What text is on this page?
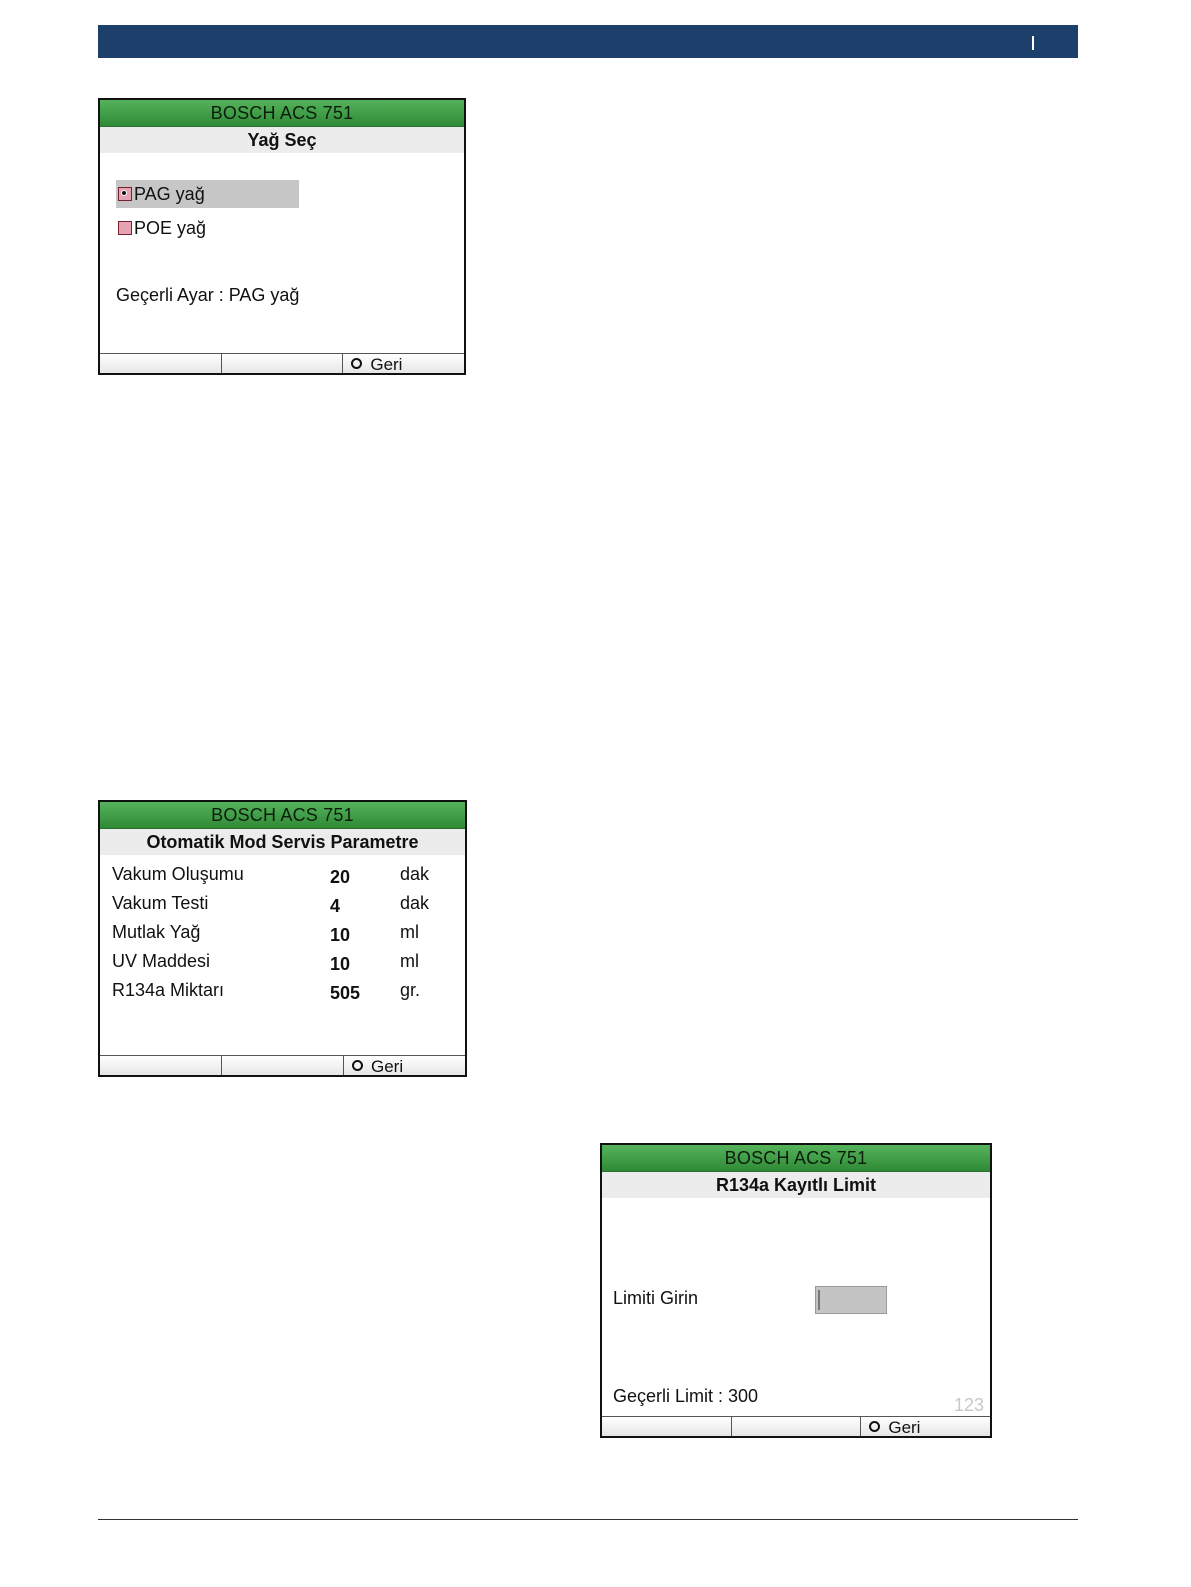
BOSCH ACS 751
Yağ Seç
PAG yağ
POE yağ
Geçerli Ayar : PAG yağ
Geri
BOSCH ACS 751
Otomatik Mod Servis Parametre
Vakum Oluşumu	20	dak
Vakum Testi	4	dak
Mutlak Yağ	10	ml
UV Maddesi	10	ml
R134a Miktarı	505 gr.
Geri
BOSCH ACS 751
R134a Kayıtlı Limit
Limiti Girin
Geçerli Limit : 300	123
Geri
